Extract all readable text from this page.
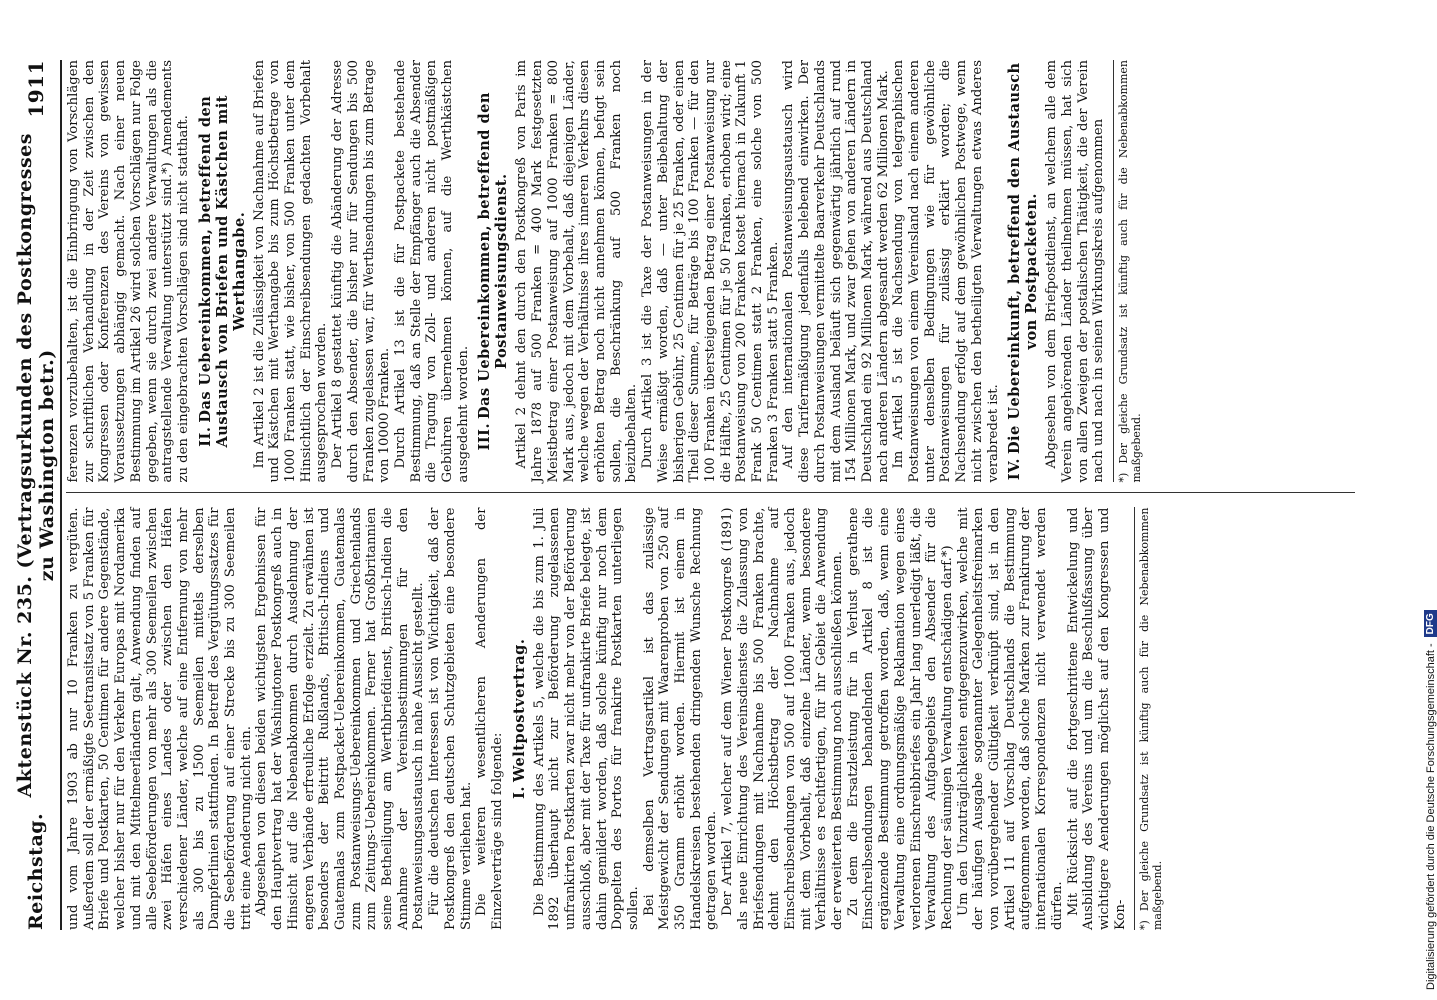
Reichstag.
Aktenstück Nr. 235. (Vertragsurkunden des Postkongresses zu Washington betr.)
1911

und vom Jahre 1903 ab nur 10 Franken zu vergüten. Außerdem soll der ermäßigte Seetransitsatz von 5 Franken für Briefe und Postkarten, 50 Centimen für andere Gegenstände, welcher bisher nur für den Verkehr Europas mit Nordamerika und mit den Mittelmeerländern galt, Anwendung finden auf alle Seebeförderungen von mehr als 300 Seemeilen zwischen zwei Häfen eines Landes oder zwischen den Häfen verschiedener Länder, welche auf eine Entfernung von mehr als 300 bis zu 1500 Seemeilen mittels derselben Dampferlinien stattfinden. In Betreff des Vergütungssatzes für die Seebeförderung auf einer Strecke bis zu 300 Seemeilen tritt eine Aenderung nicht ein. Abgesehen von diesen beiden wichtigsten Ergebnissen für den Hauptvertrag hat der Washingtoner Postkongreß auch in Hinsicht auf die Nebenabkommen durch Ausdehnung der engeren Verbände erfreuliche Erfolge erzielt. Zu erwähnen ist besonders der Beitritt Rußlands, Britisch-Indiens und Guatemalas zum Postpacket-Uebereinkommen, Guatemalas zum Postanweisungs-Uebereinkommen und Griechenlands zum Zeitungs-Uebereinkommen. Ferner hat Großbritannien seine Betheiligung am Werthbriefdienst, Britisch-Indien die Annahme der Vereinsbestimmungen für den Postanweisungsaustausch in nahe Aussicht gestellt. Für die deutschen Interessen ist von Wichtigkeit, daß der Postkongreß den deutschen Schutzgebieten eine besondere Stimme verliehen hat. Die weiteren wesentlicheren Aenderungen der Einzelverträge sind folgende: I.Weltpostvertrag. Die Bestimmung des Artikels 5, welche die bis zum 1. Juli 1892 überhaupt nicht zur Beförderung zugelassenen unfrankirten Postkarten zwar nicht mehr von der Beförderung ausschloß, aber mit der Taxe für unfrankirte Briefe belegte, ist dahin gemildert worden, daß solche künftig nur noch dem Doppelten des Portos für frankirte Postkarten unterliegen sollen. Bei demselben Vertragsartikel ist das zulässige Meistgewicht der Sendungen mit Waarenproben von 250 auf 350 Gramm erhöht worden. Hiermit ist einem in Handelskreisen bestehenden dringenden Wunsche Rechnung getragen worden. Der Artikel 7, welcher auf dem Wiener Postkongreß (1891) als neue Einrichtung des Vereinsdienstes die Zulassung von Briefsendungen mit Nachnahme bis 500 Franken brachte, dehnt den Höchstbetrag der Nachnahme auf Einschreibsendungen von 500 auf 1000 Franken aus, jedoch mit dem Vorbehalt, daß einzelne Länder, wenn besondere Verhältnisse es rechtfertigen, für ihr Gebiet die Anwendung der erweiterten Bestimmung noch ausschließen können. Zu dem die Ersatzleistung für in Verlust gerathene Einschreibsendungen behandelnden Artikel 8 ist die ergänzende Bestimmung getroffen worden, daß, wenn eine Verwaltung eine ordnungsmäßige Reklamation wegen eines verlorenen Einschreibbriefes ein Jahr lang unerledigt läßt, die Verwaltung des Aufgabegebiets den Absender für die Rechnung der säumigen Verwaltung entschädigen darf.*) Um den Unzuträglichkeiten entgegenzuwirken, welche mit der häufigen Ausgabe sogenannter Gelegenheitsfreimarken von vorübergehender Gültigkeit verknüpft sind, ist in den Artikel 11 auf Vorschlag Deutschlands die Bestimmung aufgenommen worden, daß solche Marken zur Frankirung der internationalen Korrespondenzen nicht verwendet werden dürfen. Mit Rücksicht auf die fortgeschrittene Entwickelung und Ausbildung des Vereins und um die Beschlußfassung über wichtigere Aenderungen möglichst auf den Kongressen und Kon- *) Der gleiche Grundsatz ist künftig auch für die Nebenabkommen maßgebend.

ferenzen vorzubehalten, ist die Einbringung von Vorschlägen zur schriftlichen Verhandlung in der Zeit zwischen den Kongressen oder Konferenzen des Vereins von gewissen Voraussetzungen abhängig gemacht. Nach einer neuen Bestimmung im Artikel 26 wird solchen Vorschlägen nur Folge gegeben, wenn sie durch zwei andere Verwaltungen als die antragstellende Verwaltung unterstützt sind.*) Amendements zu den eingebrachten Vorschlägen sind nicht statthaft. II.Das Uebereinkommen, betreffend den Austausch von Briefen und Kästchen mit Werthangabe. Im Artikel 2 ist die Zulässigkeit von Nachnahme auf Briefen und Kästchen mit Werthangabe bis zum Höchstbetrage von 1000 Franken statt, wie bisher, von 500 Franken unter dem Hinsichtlich der Einschreibsendungen gedachten Vorbehalt ausgesprochen worden. Der Artikel 8 gestattet künftig die Abänderung der Adresse durch den Absender, die bisher nur für Sendungen bis 500 Franken zugelassen war, für Werthsendungen bis zum Betrage von 10000 Franken. Durch Artikel 13 ist die für Postpackete bestehende Bestimmung, daß an Stelle der Empfänger auch die Absender die Tragung von Zoll- und anderen nicht postmäßigen Gebühren übernehmen können, auf die Werthkästchen ausgedehnt worden. III.Das Uebereinkommen, betreffend den Postanweisungsdienst. Artikel 2 dehnt den durch den Postkongreß von Paris im Jahre 1878 auf 500 Franken = 400 Mark festgesetzten Meistbetrag einer Postanweisung auf 1000 Franken = 800 Mark aus, jedoch mit dem Vorbehalt, daß diejenigen Länder, welche wegen der Verhältnisse ihres inneren Verkehrs diesen erhöhten Betrag noch nicht annehmen können, befugt sein sollen, die Beschränkung auf 500 Franken noch beizubehalten. Durch Artikel 3 ist die Taxe der Postanweisungen in der Weise ermäßigt worden, daß — unter Beibehaltung der bisherigen Gebühr, 25 Centimen für je 25 Franken, oder einen Theil dieser Summe, für Beträge bis 100 Franken — für den 100 Franken übersteigenden Betrag einer Postanweisung nur die Hälfte, 25 Centimen für je 50 Franken, erhoben wird; eine Postanweisung von 200 Franken kostet hiernach in Zukunft 1 Frank 50 Centimen statt 2 Franken, eine solche von 500 Franken 3 Franken statt 5 Franken. Auf den internationalen Postanweisungsaustausch wird diese Tarifermäßigung jedenfalls belebend einwirken. Der durch Postanweisungen vermittelte Baarverkehr Deutschlands mit dem Ausland beläuft sich gegenwärtig jährlich auf rund 154 Millionen Mark, und zwar gehen von anderen Ländern in Deutschland ein 92 Millionen Mark, während aus Deutschland nach anderen Ländern abgesandt werden 62 Millionen Mark. Im Artikel 5 ist die Nachsendung von telegraphischen Postanweisungen von einem Vereinsland nach einem anderen unter denselben Bedingungen wie für gewöhnliche Postanweisungen für zulässig erklärt worden; die Nachsendung erfolgt auf dem gewöhnlichen Postwege, wenn nicht zwischen den betheiligten Verwaltungen etwas Anderes verabredet ist. IV.Die Uebereinkunft, betreffend den Austausch von Postpacketen. Abgesehen von dem Briefpostdienst, an welchem alle dem Verein angehörenden Länder theilnehmen müssen, hat sich von allen Zweigen der postalischen Thätigkeit, die der Verein nach und nach in seinen Wirkungskreis aufgenommen *) Der gleiche Grundsatz ist künftig auch für die Nebenabkommen maßgebend.
Digitalisierung gefördert durch die Deutsche Forschungsgemeinschaft -
DFG
